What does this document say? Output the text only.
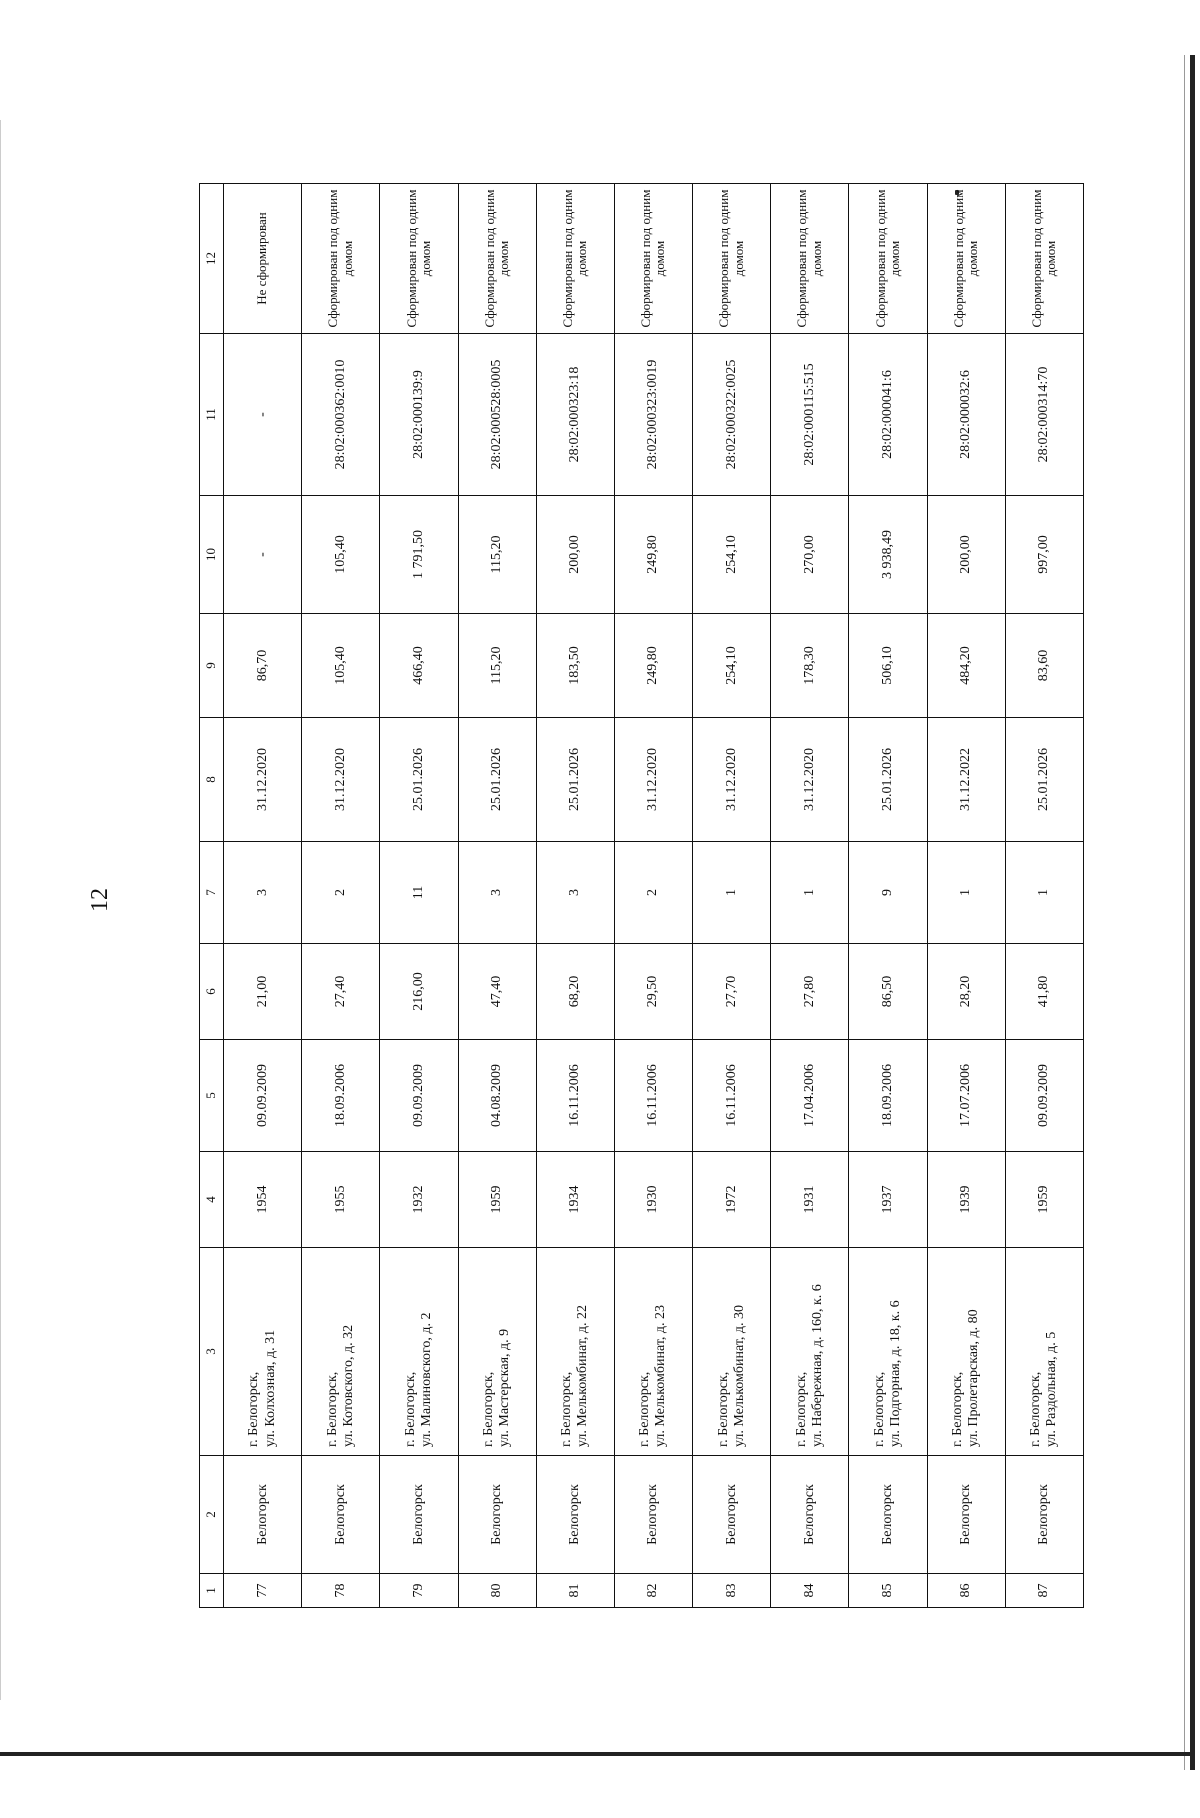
12
1	2	3	4	5	6	7	8	9	10	11	12
77	Белогорск	г. Белогорск, ул. Колхозная, д. 31	1954	09.09.2009	21,00	3	31.12.2020	86,70	-	-	Не сформирован
78	Белогорск	г. Белогорск, ул. Котовского, д. 32	1955	18.09.2006	27,40	2	31.12.2020	105,40	105,40	28:02:000362:0010	Сформирован под одним домом
79	Белогорск	г. Белогорск, ул. Малиновского, д. 2	1932	09.09.2009	216,00	11	25.01.2026	466,40	1 791,50	28:02:000139:9	Сформирован под одним домом
80	Белогорск	г. Белогорск, ул. Мастерская, д. 9	1959	04.08.2009	47,40	3	25.01.2026	115,20	115,20	28:02:000528:0005	Сформирован под одним домом
81	Белогорск	г. Белогорск, ул. Мелькомбинат, д. 22	1934	16.11.2006	68,20	3	25.01.2026	183,50	200,00	28:02:000323:18	Сформирован под одним домом
82	Белогорск	г. Белогорск, ул. Мелькомбинат, д. 23	1930	16.11.2006	29,50	2	31.12.2020	249,80	249,80	28:02:000323:0019	Сформирован под одним домом
83	Белогорск	г. Белогорск, ул. Мелькомбинат, д. 30	1972	16.11.2006	27,70	1	31.12.2020	254,10	254,10	28:02:000322:0025	Сформирован под одним домом
84	Белогорск	г. Белогорск, ул. Набережная, д. 160, к. 6	1931	17.04.2006	27,80	1	31.12.2020	178,30	270,00	28:02:000115:515	Сформирован под одним домом
85	Белогорск	г. Белогорск, ул. Подгорная, д. 18, к. 6	1937	18.09.2006	86,50	9	25.01.2026	506,10	3 938,49	28:02:000041:6	Сформирован под одним домом
86	Белогорск	г. Белогорск, ул. Пролетарская, д. 80	1939	17.07.2006	28,20	1	31.12.2022	484,20	200,00	28:02:000032:6	Сформирован под одним домом
87	Белогорск	г. Белогорск, ул. Раздольная, д. 5	1959	09.09.2009	41,80	1	25.01.2026	83,60	997,00	28:02:000314:70	Сформирован под одним домом
